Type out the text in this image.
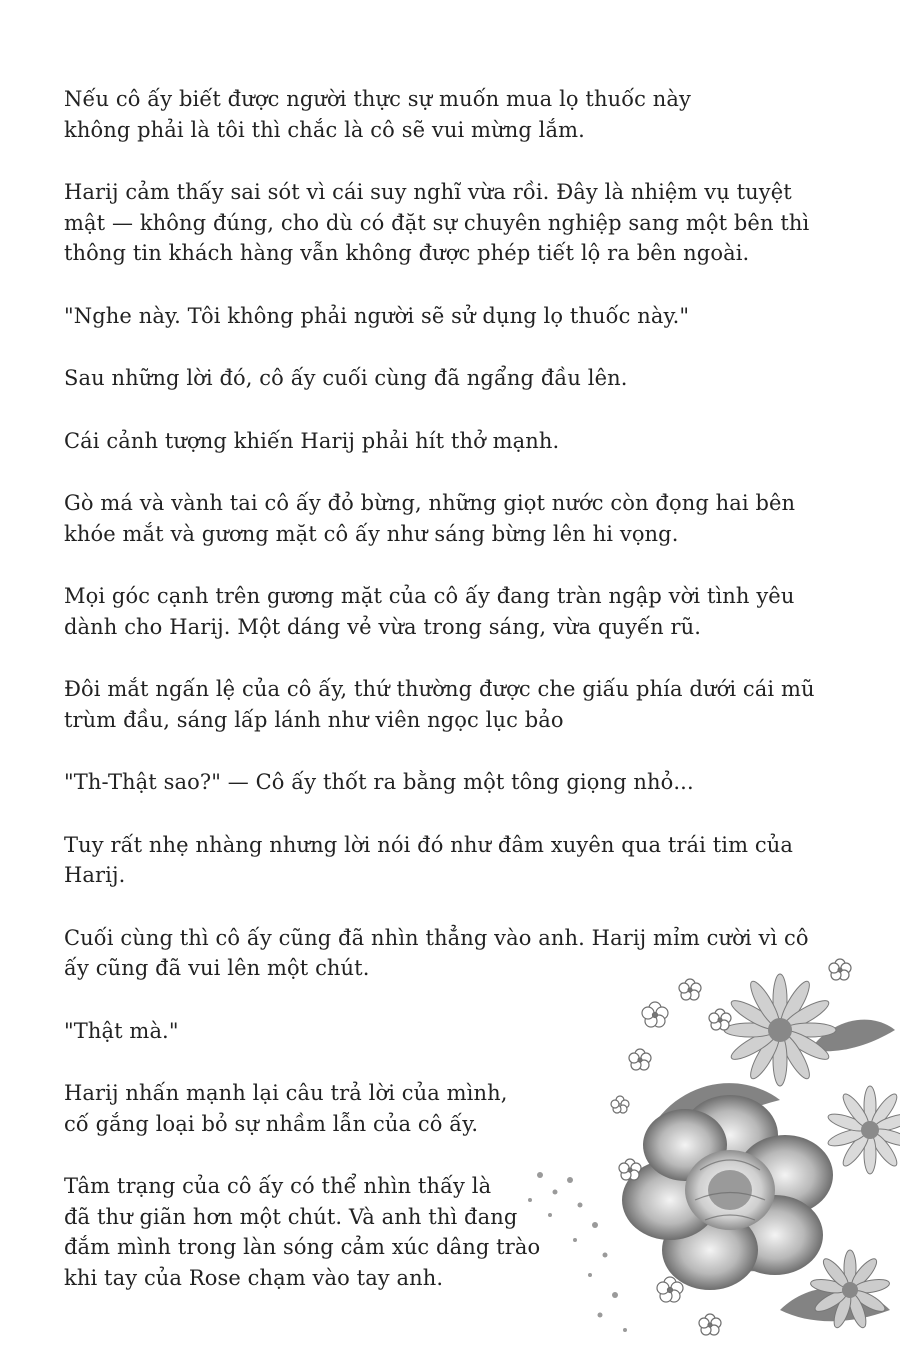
Nếu cô ấy biết được người thực sự muốn mua lọ thuốc này
không phải là tôi thì chắc là cô sẽ vui mừng lắm.
Harij cảm thấy sai sót vì cái suy nghĩ vừa rồi. Đây là nhiệm vụ tuyệt
mật — không đúng, cho dù có đặt sự chuyên nghiệp sang một bên thì
thông tin khách hàng vẫn không được phép tiết lộ ra bên ngoài.
"Nghe này. Tôi không phải người sẽ sử dụng lọ thuốc này."
Sau những lời đó, cô ấy cuối cùng đã ngẩng đầu lên.
Cái cảnh tượng khiến Harij phải hít thở mạnh.
Gò má và vành tai cô ấy đỏ bừng, những giọt nước còn đọng hai bên
khóe mắt và gương mặt cô ấy như sáng bừng lên hi vọng.
Mọi góc cạnh trên gương mặt của cô ấy đang tràn ngập vời tình yêu
dành cho Harij. Một dáng vẻ vừa trong sáng, vừa quyến rũ.
Đôi mắt ngấn lệ của cô ấy, thứ thường được che giấu phía dưới cái mũ
trùm đầu, sáng lấp lánh như viên ngọc lục bảo
"Th-Thật sao?" — Cô ấy thốt ra bằng một tông giọng nhỏ...
Tuy rất nhẹ nhàng nhưng lời nói đó như đâm xuyên qua trái tim của
Harij.
Cuối cùng thì cô ấy cũng đã nhìn thẳng vào anh. Harij mỉm cười vì cô
ấy cũng đã vui lên một chút.
"Thật mà."
Harij nhấn mạnh lại câu trả lời của mình,
cố gắng loại bỏ sự nhầm lẫn của cô ấy.
Tâm trạng của cô ấy có thể nhìn thấy là
đã thư giãn hơn một chút. Và anh thì đang
đắm mình trong làn sóng cảm xúc dâng trào
khi tay của Rose chạm vào tay anh.
